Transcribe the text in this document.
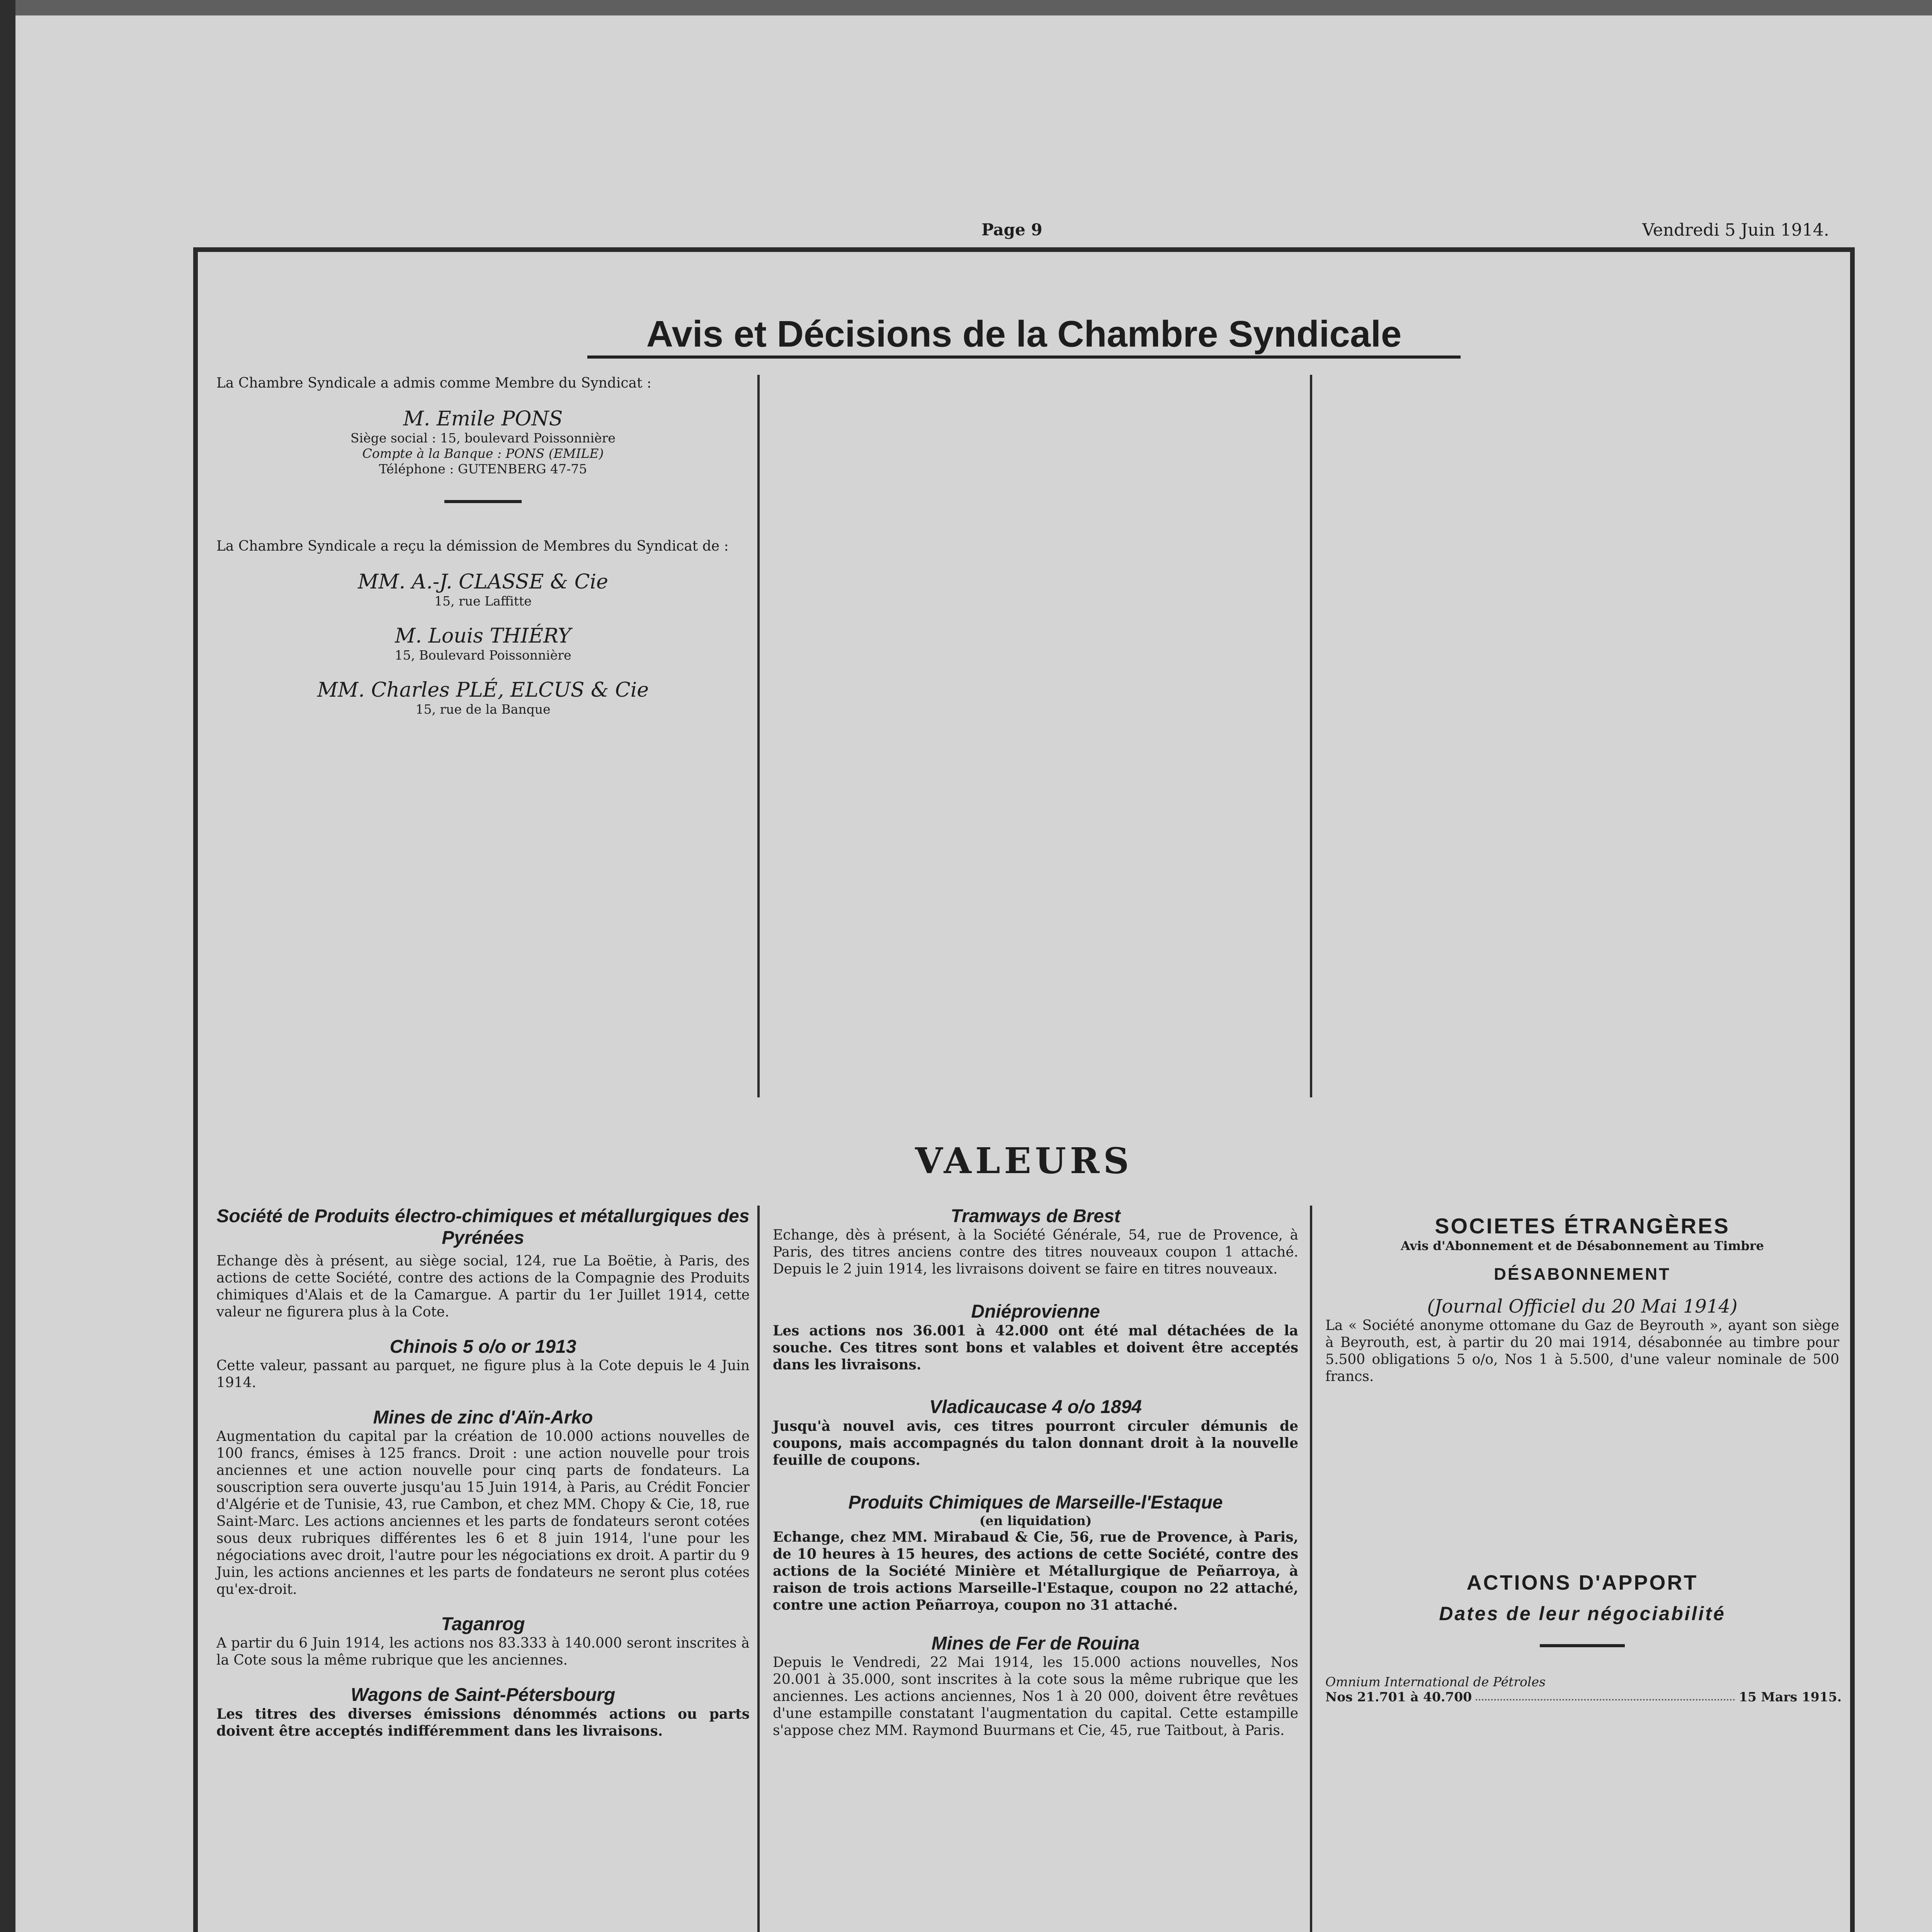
Page 9	Vendredi 5 Juin 1914.
Avis et Décisions de la Chambre Syndicale
La Chambre Syndicale a admis comme Membre du Syndicat :
M. Emile PONS
Siège social : 15, boulevard Poissonnière
Compte à la Banque : PONS (EMILE)
Téléphone : GUTENBERG 47-75
La Chambre Syndicale a reçu la démission de Membres du Syndicat de :
MM. A.-J. CLASSE & Cie
15, rue Laffitte
M. Louis THIÉRY
15, Boulevard Poissonnière
MM. Charles PLÉ, ELCUS & Cie
15, rue de la Banque
VALEURS
Société de Produits électro-chimiques et métallurgiques des Pyrénées
Echange dès à présent, au siège social, 124, rue La Boëtie, à Paris, des actions de cette Société, contre des actions de la Compagnie des Produits chimiques d'Alais et de la Camargue. A partir du 1er Juillet 1914, cette valeur ne figurera plus à la Cote.
Chinois 5 o/o or 1913
Cette valeur, passant au parquet, ne figure plus à la Cote depuis le 4 Juin 1914.
Mines de zinc d'Aïn-Arko
Augmentation du capital par la création de 10.000 actions nouvelles de 100 francs, émises à 125 francs. Droit : une action nouvelle pour trois anciennes et une action nouvelle pour cinq parts de fondateurs. La souscription sera ouverte jusqu'au 15 Juin 1914, à Paris, au Crédit Foncier d'Algérie et de Tunisie, 43, rue Cambon, et chez MM. Chopy & Cie, 18, rue Saint-Marc. Les actions anciennes et les parts de fondateurs seront cotées sous deux rubriques différentes les 6 et 8 juin 1914, l'une pour les négociations avec droit, l'autre pour les négociations ex droit. A partir du 9 Juin, les actions anciennes et les parts de fondateurs ne seront plus cotées qu'ex-droit.
Taganrog
A partir du 6 Juin 1914, les actions nos 83.333 à 140.000 seront inscrites à la Cote sous la même rubrique que les anciennes.
Wagons de Saint-Pétersbourg
Les titres des diverses émissions dénommés actions ou parts doivent être acceptés indifféremment dans les livraisons.
Tramways de Brest
Echange, dès à présent, à la Société Générale, 54, rue de Provence, à Paris, des titres anciens contre des titres nouveaux coupon 1 attaché. Depuis le 2 juin 1914, les livraisons doivent se faire en titres nouveaux.
Dniéprovienne
Les actions nos 36.001 à 42.000 ont été mal détachées de la souche. Ces titres sont bons et valables et doivent être acceptés dans les livraisons.
Vladicaucase 4 o/o 1894
Jusqu'à nouvel avis, ces titres pourront circuler démunis de coupons, mais accompagnés du talon donnant droit à la nouvelle feuille de coupons.
Produits Chimiques de Marseille-l'Estaque
(en liquidation)
Echange, chez MM. Mirabaud & Cie, 56, rue de Provence, à Paris, de 10 heures à 15 heures, des actions de cette Société, contre des actions de la Société Minière et Métallurgique de Peñarroya, à raison de trois actions Marseille-l'Estaque, coupon no 22 attaché, contre une action Peñarroya, coupon no 31 attaché.
Mines de Fer de Rouina
Depuis le Vendredi, 22 Mai 1914, les 15.000 actions nouvelles, Nos 20.001 à 35.000, sont inscrites à la cote sous la même rubrique que les anciennes. Les actions anciennes, Nos 1 à 20 000, doivent être revêtues d'une estampille constatant l'augmentation du capital. Cette estampille s'appose chez MM. Raymond Buurmans et Cie, 45, rue Taitbout, à Paris.
SOCIETES ÉTRANGÈRES
Avis d'Abonnement et de Désabonnement au Timbre
DÉSABONNEMENT
(Journal Officiel du 20 Mai 1914)
La « Société anonyme ottomane du Gaz de Beyrouth », ayant son siège à Beyrouth, est, à partir du 20 mai 1914, désabonnée au timbre pour 5.500 obligations 5 o/o, Nos 1 à 5.500, d'une valeur nominale de 500 francs.
ACTIONS D'APPORT
Dates de leur négociabilité
Omnium International de Pétroles
Nos 21.701 à 40.700	15 Mars 1915.
